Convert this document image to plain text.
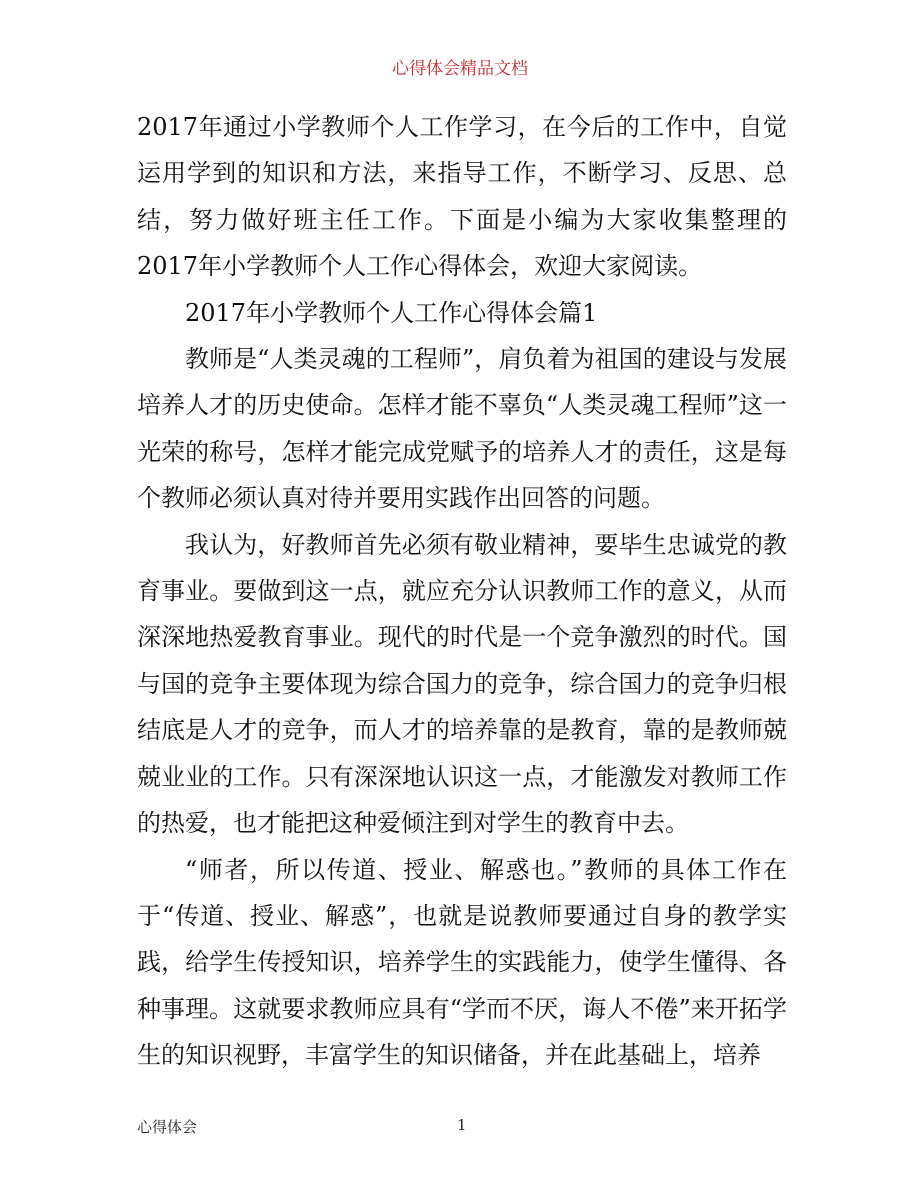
心得体会精品文档

2017年通过小学教师个人工作学习，在今后的工作中，自觉运用学到的知识和方法，来指导工作，不断学习、反思、总结，努力做好班主任工作。下面是小编为大家收集整理的2017年小学教师个人工作心得体会，欢迎大家阅读。

2017年小学教师个人工作心得体会篇1

教师是“人类灵魂的工程师”，肩负着为祖国的建设与发展培养人才的历史使命。怎样才能不辜负“人类灵魂工程师”这一光荣的称号，怎样才能完成党赋予的培养人才的责任，这是每个教师必须认真对待并要用实践作出回答的问题。

我认为，好教师首先必须有敬业精神，要毕生忠诚党的教育事业。要做到这一点，就应充分认识教师工作的意义，从而深深地热爱教育事业。现代的时代是一个竞争激烈的时代。国与国的竞争主要体现为综合国力的竞争，综合国力的竞争归根结底是人才的竞争，而人才的培养靠的是教育，靠的是教师兢兢业业的工作。只有深深地认识这一点，才能激发对教师工作的热爱，也才能把这种爱倾注到对学生的教育中去。

“师者，所以传道、授业、解惑也。”教师的具体工作在于“传道、授业、解惑”，也就是说教师要通过自身的教学实践，给学生传授知识，培养学生的实践能力，使学生懂得、各种事理。这就要求教师应具有“学而不厌，诲人不倦”来开拓学生的知识视野，丰富学生的知识储备，并在此基础上，培养

心得体会	1
